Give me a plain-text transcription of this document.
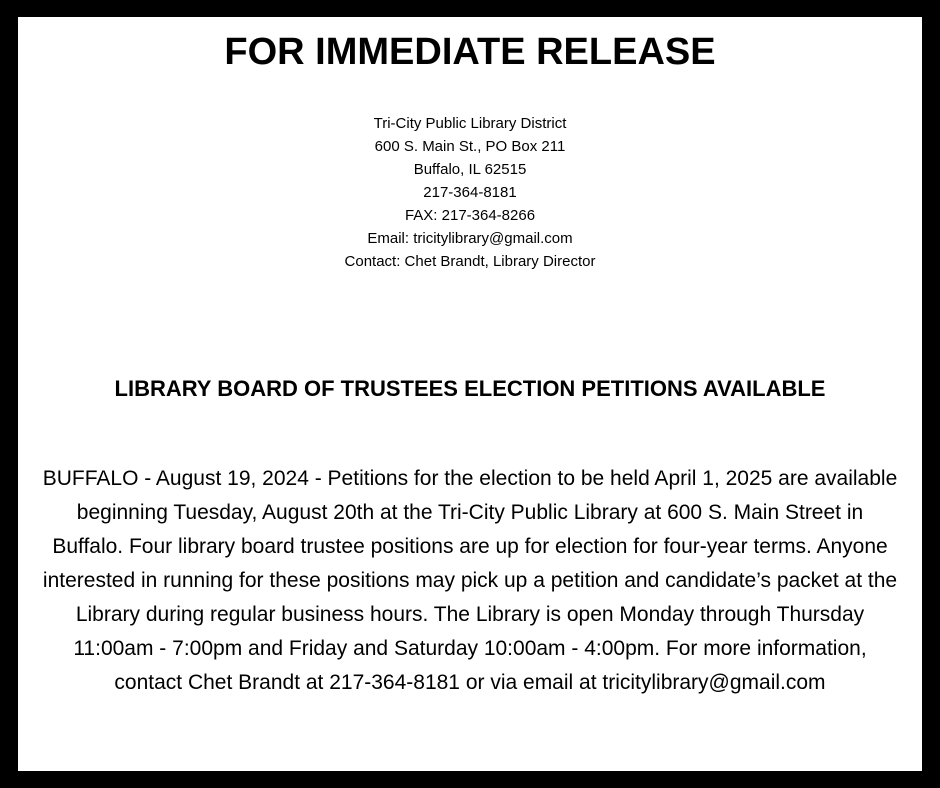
FOR IMMEDIATE RELEASE
Tri-City Public Library District
600 S. Main St., PO Box 211
Buffalo, IL 62515
217-364-8181
FAX: 217-364-8266
Email: tricitylibrary@gmail.com
Contact: Chet Brandt, Library Director
LIBRARY BOARD OF TRUSTEES ELECTION PETITIONS AVAILABLE

BUFFALO - August 19, 2024 - Petitions for the election to be held April 1, 2025 are available beginning Tuesday, August 20th at the Tri-City Public Library at 600 S. Main Street in Buffalo. Four library board trustee positions are up for election for four-year terms. Anyone interested in running for these positions may pick up a petition and candidate’s packet at the Library during regular business hours. The Library is open Monday through Thursday 11:00am - 7:00pm and Friday and Saturday 10:00am - 4:00pm. For more information, contact Chet Brandt at 217-364-8181 or via email at tricitylibrary@gmail.com
